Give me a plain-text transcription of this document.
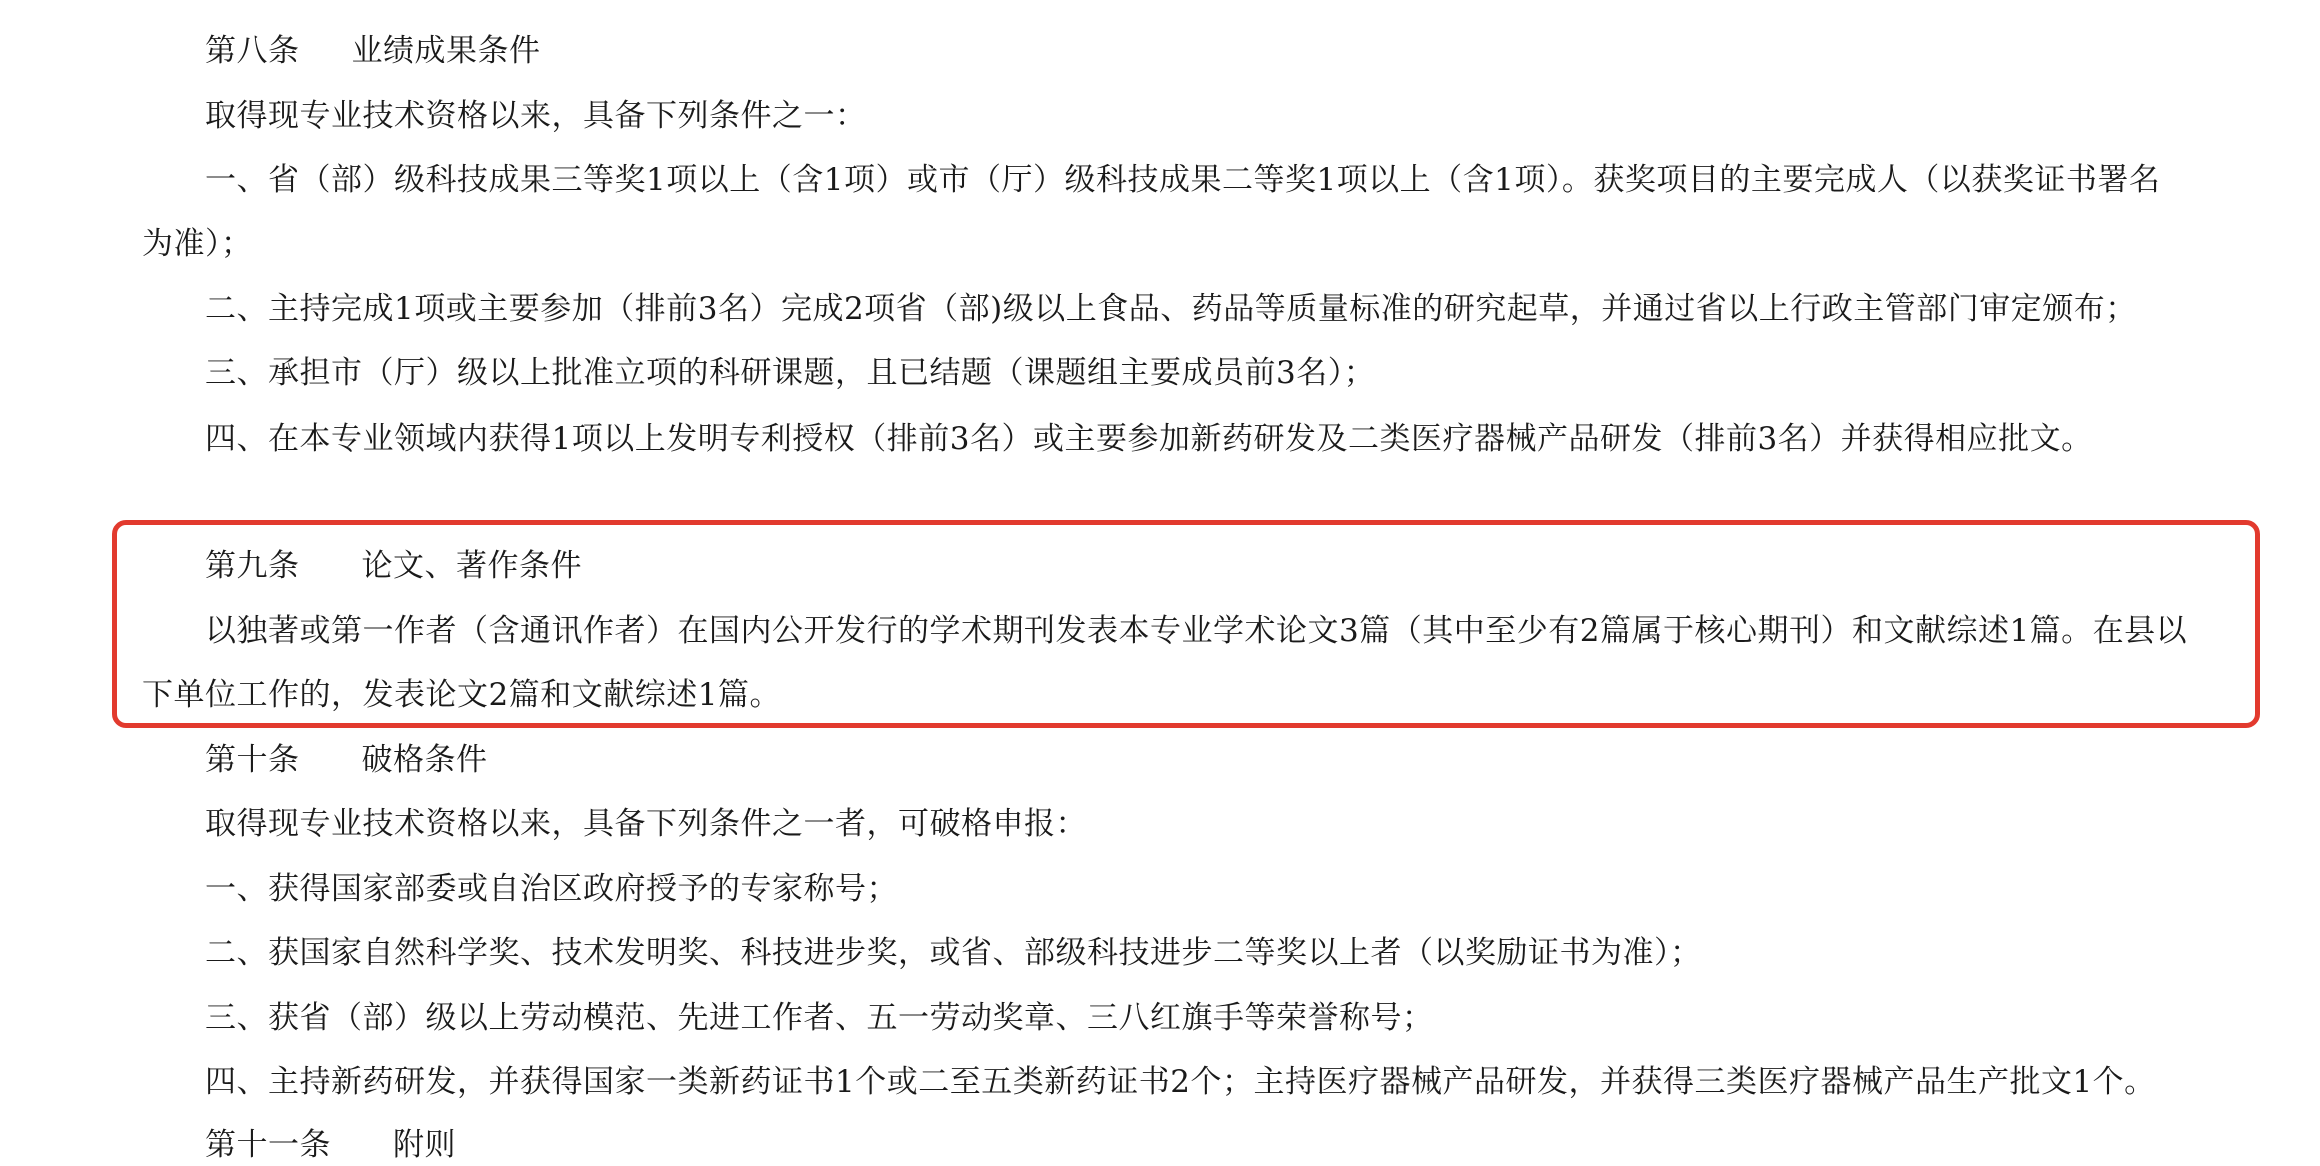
第八条 业绩成果条件
取得现专业技术资格以来，具备下列条件之一：
一、省（部）级科技成果三等奖1项以上（含1项）或市（厅）级科技成果二等奖1项以上（含1项）。获奖项目的主要完成人（以获奖证书署名
为准）；
二、主持完成1项或主要参加（排前3名）完成2项省（部)级以上食品、药品等质量标准的研究起草，并通过省以上行政主管部门审定颁布；
三、承担市（厅）级以上批准立项的科研课题，且已结题（课题组主要成员前3名）；
四、在本专业领域内获得1项以上发明专利授权（排前3名）或主要参加新药研发及二类医疗器械产品研发（排前3名）并获得相应批文。
第九条 论文、著作条件
以独著或第一作者（含通讯作者）在国内公开发行的学术期刊发表本专业学术论文3篇（其中至少有2篇属于核心期刊）和文献综述1篇。在县以
下单位工作的，发表论文2篇和文献综述1篇。
第十条 破格条件
取得现专业技术资格以来，具备下列条件之一者，可破格申报：
一、获得国家部委或自治区政府授予的专家称号；
二、获国家自然科学奖、技术发明奖、科技进步奖，或省、部级科技进步二等奖以上者（以奖励证书为准）；
三、获省（部）级以上劳动模范、先进工作者、五一劳动奖章、三八红旗手等荣誉称号；
四、主持新药研发，并获得国家一类新药证书1个或二至五类新药证书2个；主持医疗器械产品研发，并获得三类医疗器械产品生产批文1个。
第十一条 附则
